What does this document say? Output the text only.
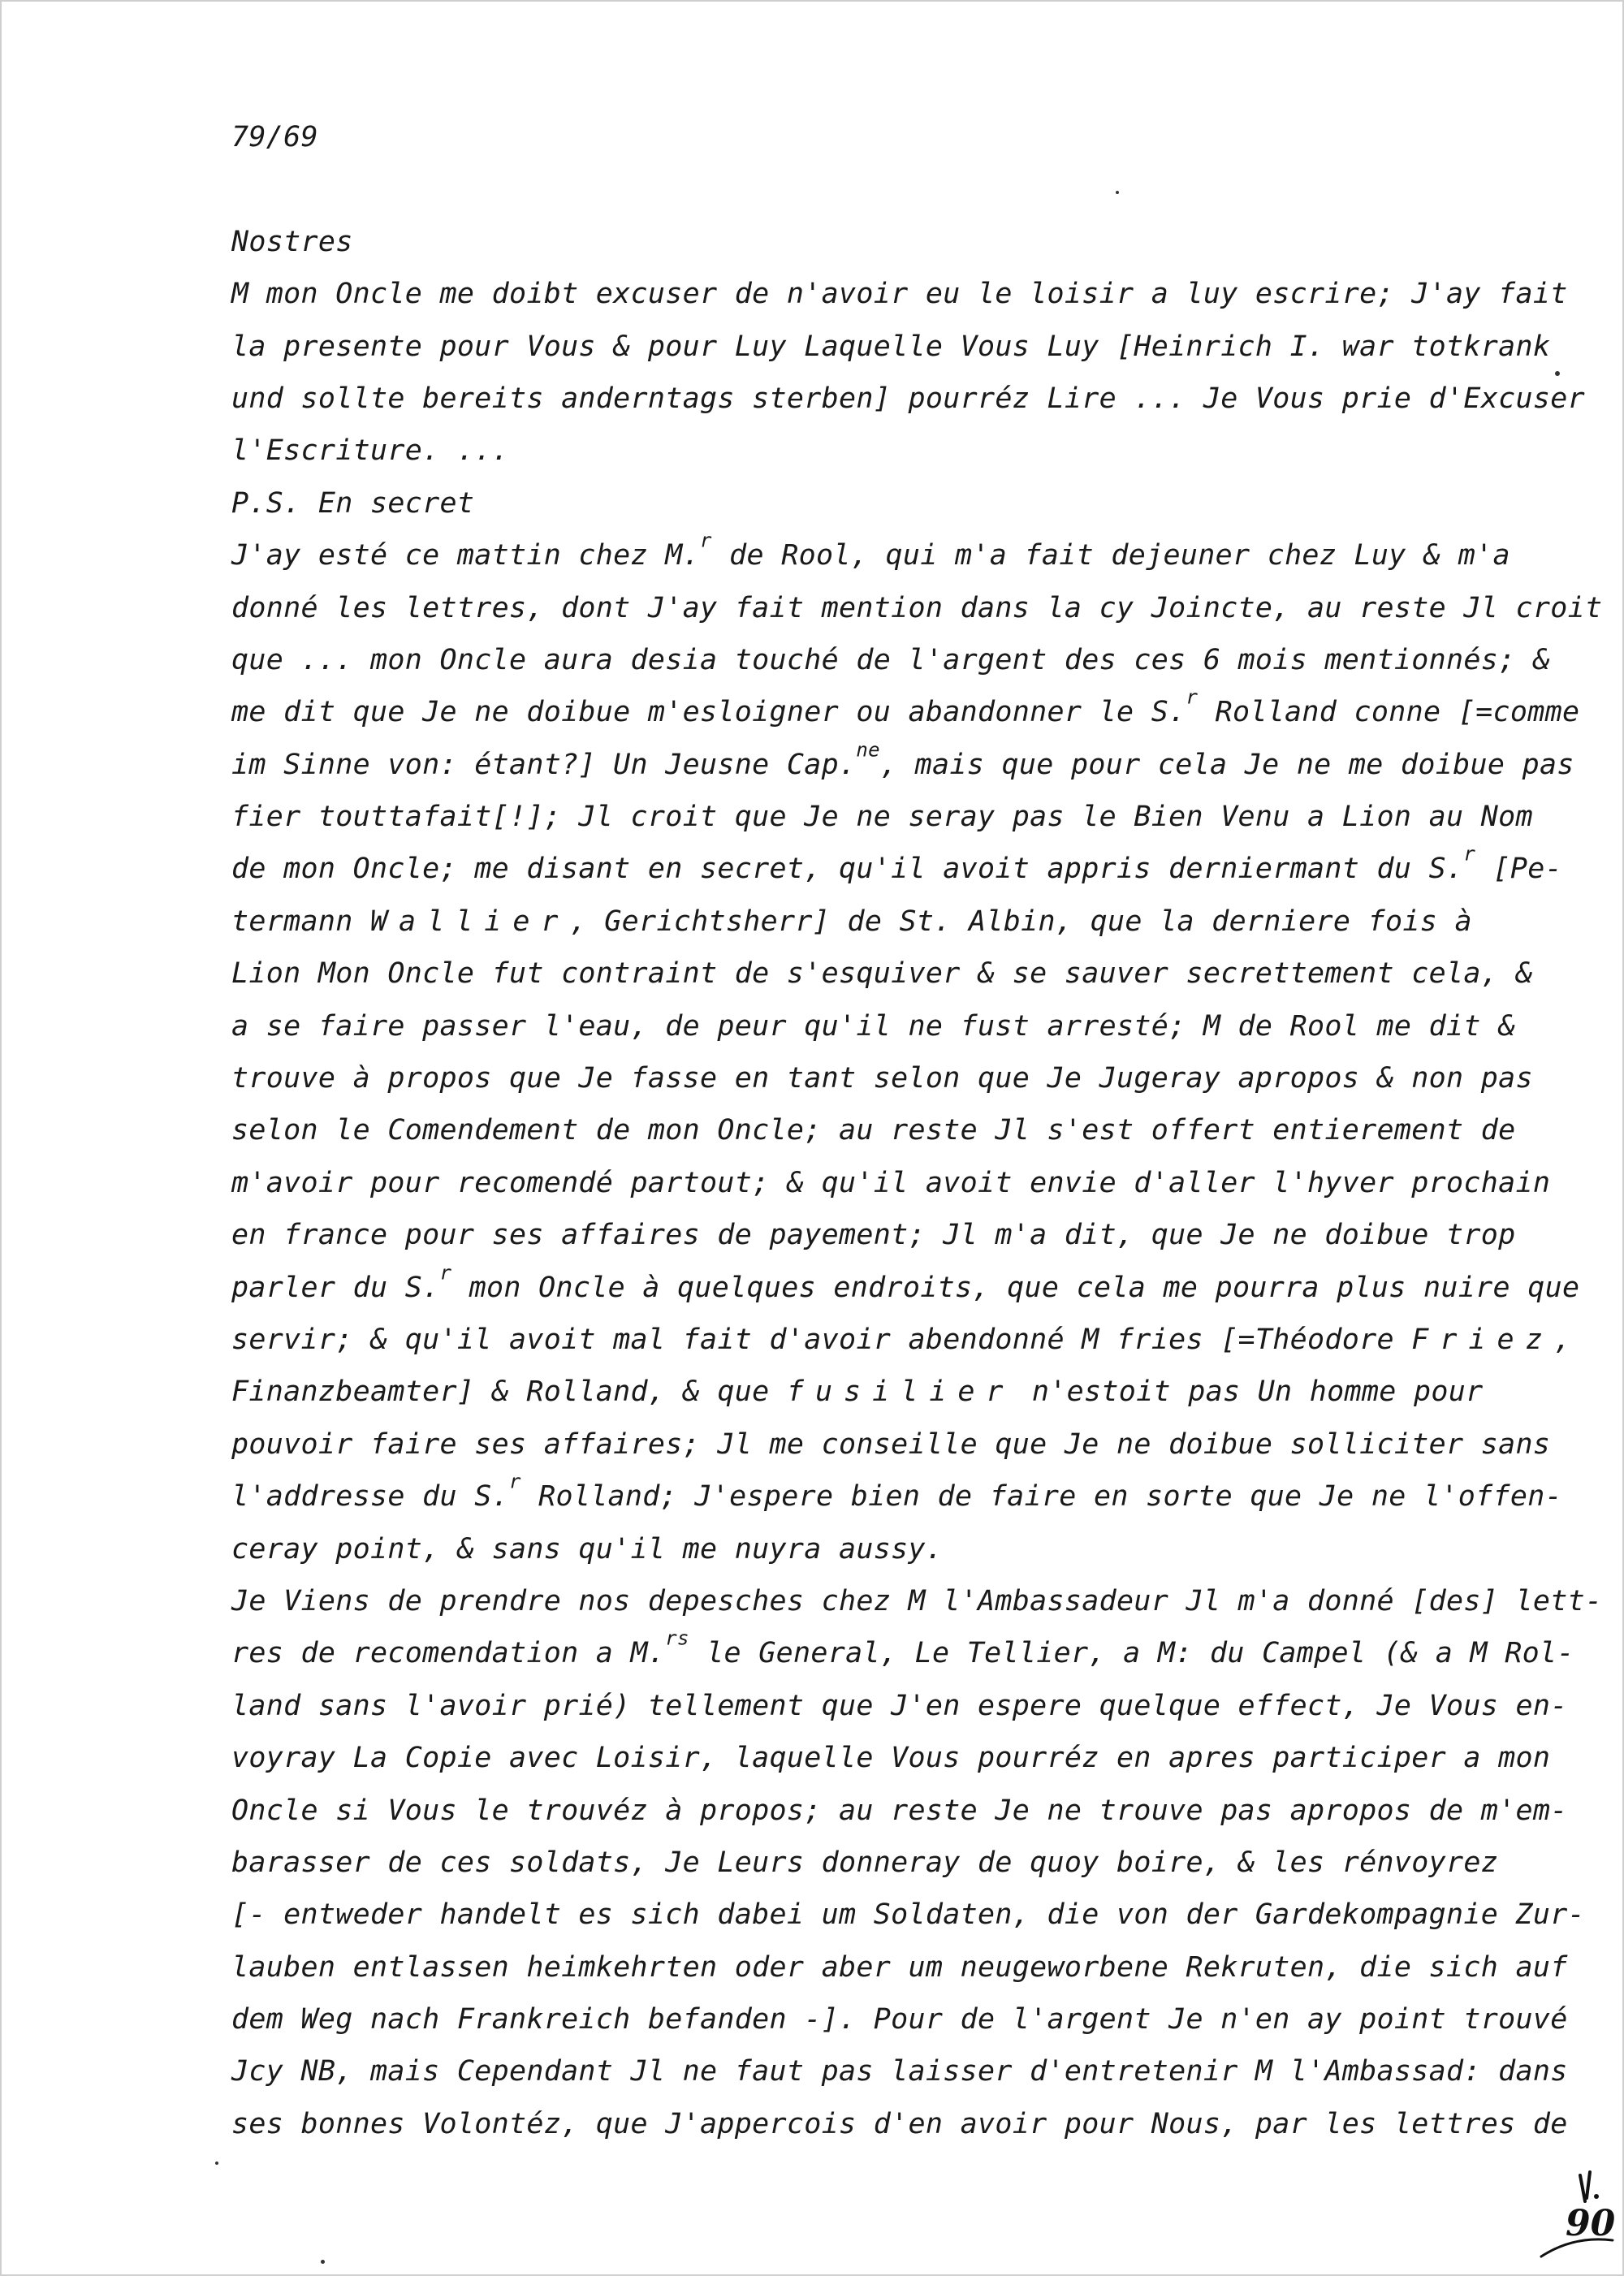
79/69

Nostres
M mon Oncle me doibt excuser de n'avoir eu le loisir a luy escrire; J'ay fait
la presente pour Vous & pour Luy Laquelle Vous Luy [Heinrich I. war totkrank
und sollte bereits anderntags sterben] pourréz Lire ... Je Vous prie d'Excuser
l'Escriture. ...
P.S. En secret
J'ay esté ce mattin chez M.$^r$ de Rool, qui m'a fait dejeuner chez Luy & m'a
donné les lettres, dont J'ay fait mention dans la cy Joincte, au reste Jl croit
que ... mon Oncle aura desia touché de l'argent des ces 6 mois mentionnés; &
me dit que Je ne doibue m'esloigner ou abandonner le S.$^r$ Rolland conne [=comme
im Sinne von: étant?] Un Jeusne Cap.$^{ne}$, mais que pour cela Je ne me doibue pas
fier touttafait[!]; Jl croit que Je ne seray pas le Bien Venu a Lion au Nom
de mon Oncle; me disant en secret, qu'il avoit appris derniermant du S.$^r$ [Pe-
termann Wallier, Gerichtsherr] de St. Albin, que la derniere fois à
Lion Mon Oncle fut contraint de s'esquiver & se sauver secrettement cela, &
a se faire passer l'eau, de peur qu'il ne fust arresté; M de Rool me dit &
trouve à propos que Je fasse en tant selon que Je Jugeray apropos & non pas
selon le Comendement de mon Oncle; au reste Jl s'est offert entierement de
m'avoir pour recomendé partout; & qu'il avoit envie d'aller l'hyver prochain
en france pour ses affaires de payement; Jl m'a dit, que Je ne doibue trop
parler du S.$^r$ mon Oncle à quelques endroits, que cela me pourra plus nuire que
servir; & qu'il avoit mal fait d'avoir abendonné M fries [=Théodore Friez,
Finanzbeamter] & Rolland, & que fusilier n'estoit pas Un homme pour
pouvoir faire ses affaires; Jl me conseille que Je ne doibue solliciter sans
l'addresse du S.$^r$ Rolland; J'espere bien de faire en sorte que Je ne l'offen-
ceray point, & sans qu'il me nuyra aussy.
Je Viens de prendre nos depesches chez M l'Ambassadeur Jl m'a donné [des] lett-
res de recomendation a M.$^{rs}$ le General, Le Tellier, a M: du Campel (& a M Rol-
land sans l'avoir prié) tellement que J'en espere quelque effect, Je Vous en-
voyray La Copie avec Loisir, laquelle Vous pourréz en apres participer a mon
Oncle si Vous le trouvéz à propos; au reste Je ne trouve pas apropos de m'em-
barasser de ces soldats, Je Leurs donneray de quoy boire, & les rénvoyrez
[- entweder handelt es sich dabei um Soldaten, die von der Gardekompagnie Zur-
lauben entlassen heimkehrten oder aber um neugeworbene Rekruten, die sich auf
dem Weg nach Frankreich befanden -]. Pour de l'argent Je n'en ay point trouvé
Jcy NB, mais Cependant Jl ne faut pas laisser d'entretenir M l'Ambassad: dans
ses bonnes Volontéz, que J'appercois d'en avoir pour Nous, par les lettres de
90
